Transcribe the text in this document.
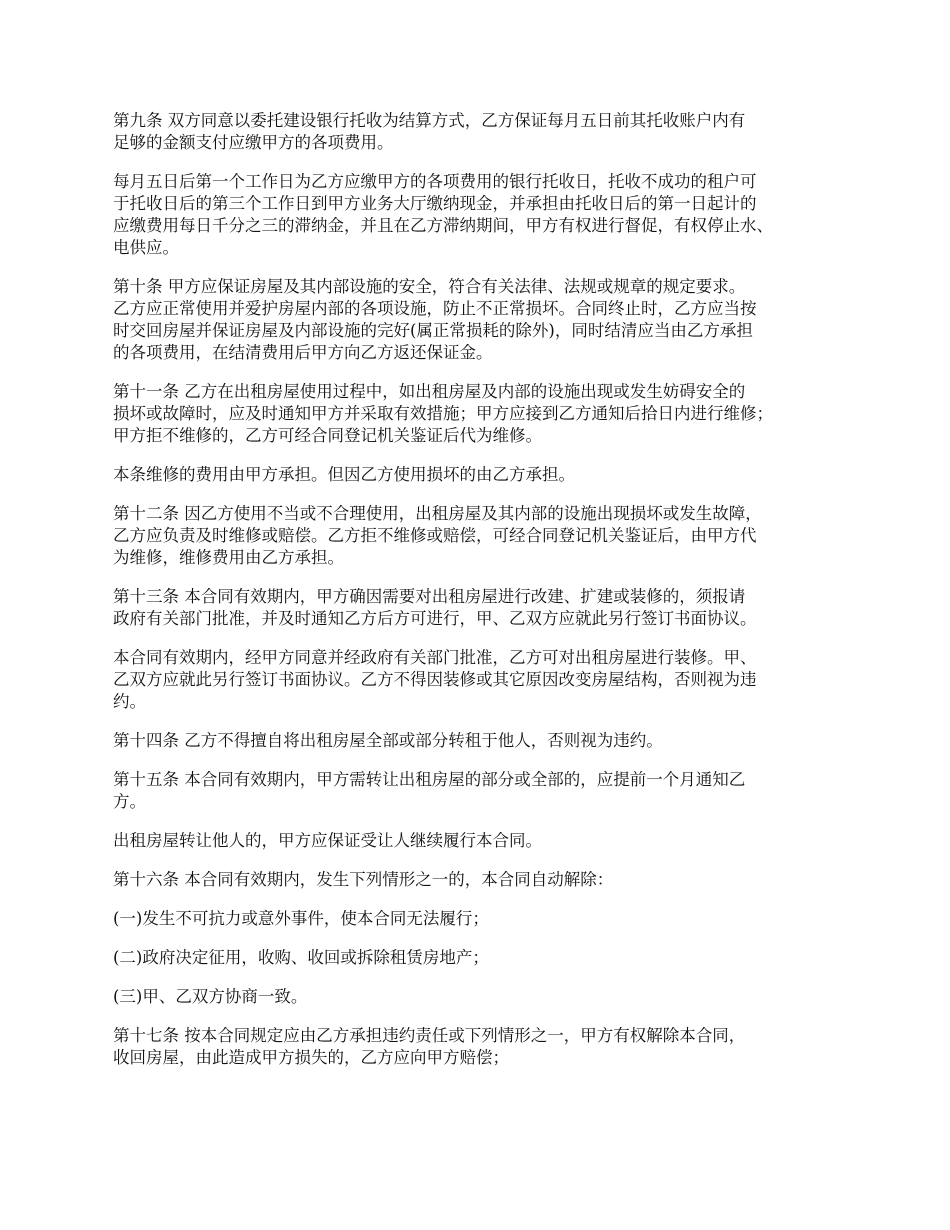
第九条 双方同意以委托建设银行托收为结算方式，乙方保证每月五日前其托收账户内有
足够的金额支付应缴甲方的各项费用。
每月五日后第一个工作日为乙方应缴甲方的各项费用的银行托收日，托收不成功的租户可
于托收日后的第三个工作日到甲方业务大厅缴纳现金，并承担由托收日后的第一日起计的
应缴费用每日千分之三的滞纳金，并且在乙方滞纳期间，甲方有权进行督促，有权停止水、
电供应。
第十条 甲方应保证房屋及其内部设施的安全，符合有关法律、法规或规章的规定要求。
乙方应正常使用并爱护房屋内部的各项设施，防止不正常损坏。合同终止时，乙方应当按
时交回房屋并保证房屋及内部设施的完好(属正常损耗的除外)，同时结清应当由乙方承担
的各项费用，在结清费用后甲方向乙方返还保证金。
第十一条 乙方在出租房屋使用过程中，如出租房屋及内部的设施出现或发生妨碍安全的
损坏或故障时，应及时通知甲方并采取有效措施；甲方应接到乙方通知后拾日内进行维修；
甲方拒不维修的，乙方可经合同登记机关鉴证后代为维修。
本条维修的费用由甲方承担。但因乙方使用损坏的由乙方承担。
第十二条 因乙方使用不当或不合理使用，出租房屋及其内部的设施出现损坏或发生故障，
乙方应负责及时维修或赔偿。乙方拒不维修或赔偿，可经合同登记机关鉴证后，由甲方代
为维修，维修费用由乙方承担。
第十三条 本合同有效期内，甲方确因需要对出租房屋进行改建、扩建或装修的，须报请
政府有关部门批准，并及时通知乙方后方可进行，甲、乙双方应就此另行签订书面协议。
本合同有效期内，经甲方同意并经政府有关部门批准，乙方可对出租房屋进行装修。甲、
乙双方应就此另行签订书面协议。乙方不得因装修或其它原因改变房屋结构，否则视为违
约。
第十四条 乙方不得擅自将出租房屋全部或部分转租于他人，否则视为违约。
第十五条 本合同有效期内，甲方需转让出租房屋的部分或全部的，应提前一个月通知乙
方。
出租房屋转让他人的，甲方应保证受让人继续履行本合同。
第十六条 本合同有效期内，发生下列情形之一的，本合同自动解除：
(一)发生不可抗力或意外事件，使本合同无法履行；
(二)政府决定征用，收购、收回或拆除租赁房地产；
(三)甲、乙双方协商一致。
第十七条 按本合同规定应由乙方承担违约责任或下列情形之一，甲方有权解除本合同，
收回房屋，由此造成甲方损失的，乙方应向甲方赔偿；
